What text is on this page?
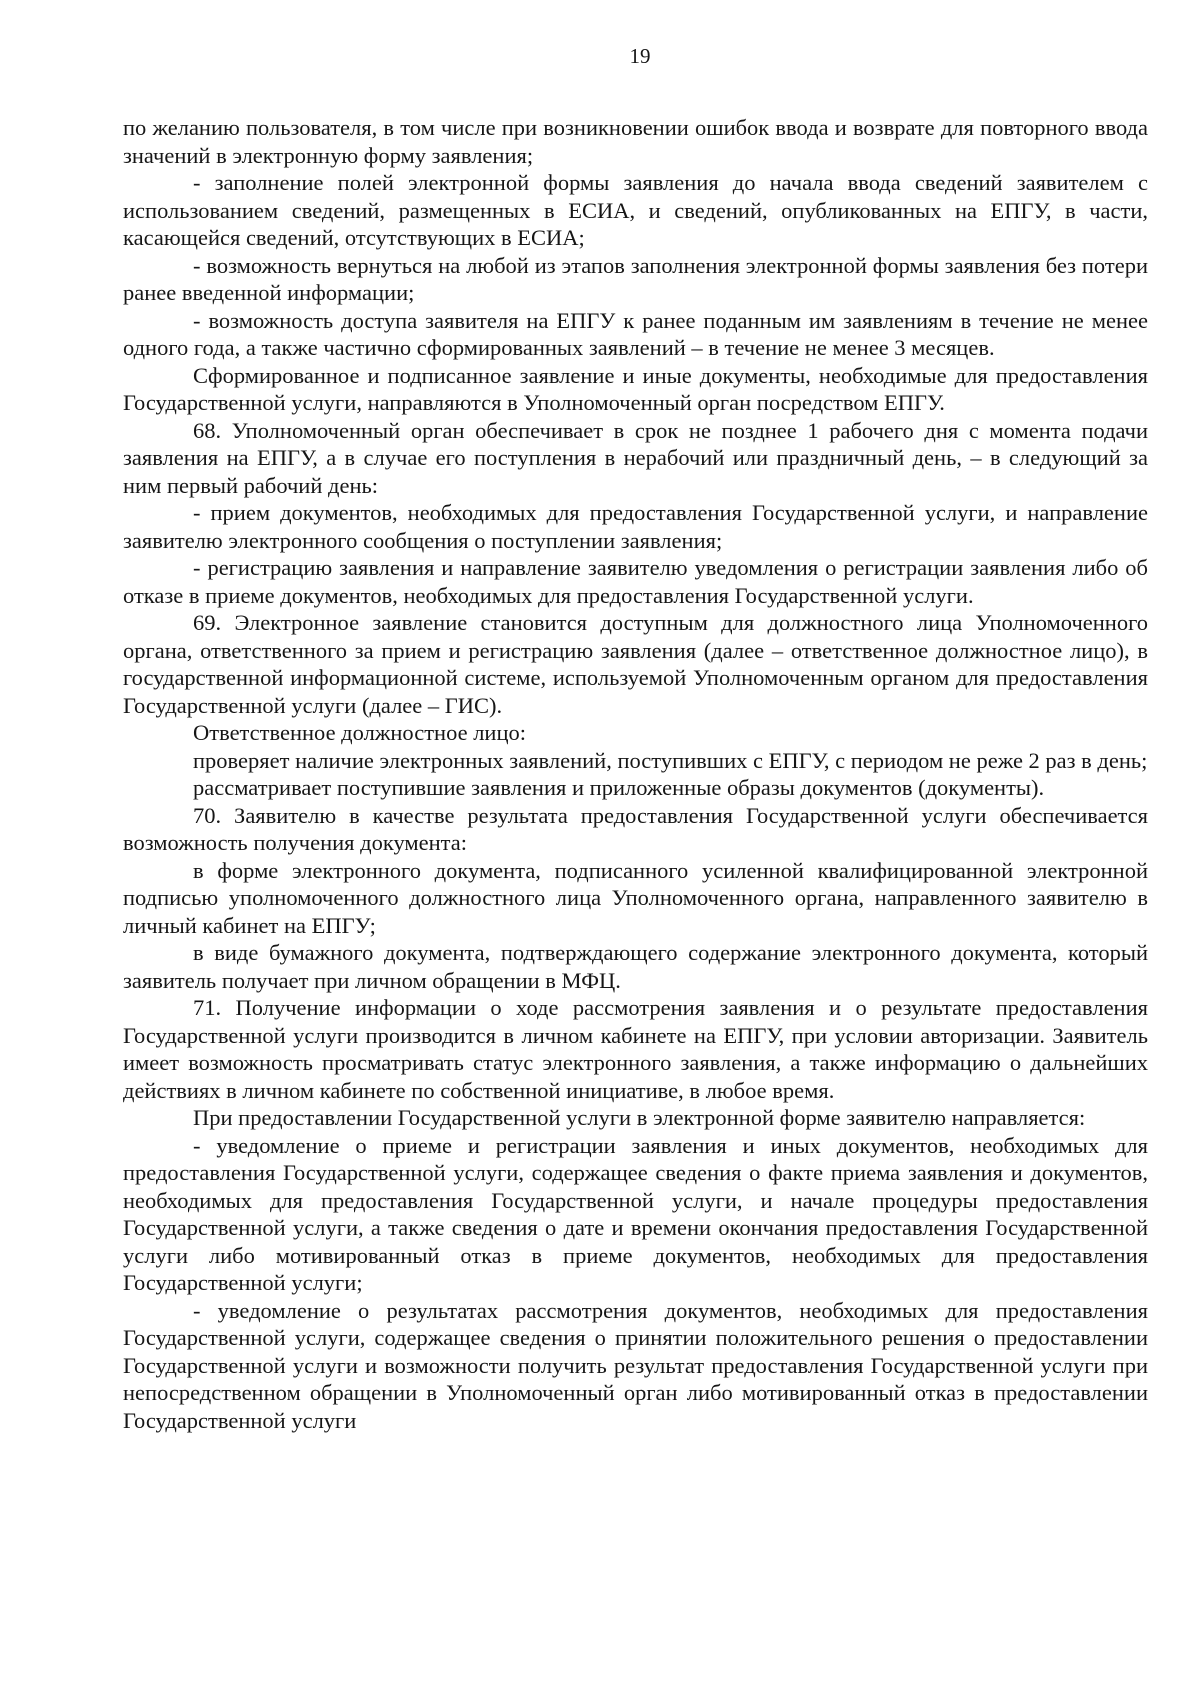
19

по желанию пользователя, в том числе при возникновении ошибок ввода и возврате для повторного ввода значений в электронную форму заявления;

- заполнение полей электронной формы заявления до начала ввода сведений заявителем с использованием сведений, размещенных в ЕСИА, и сведений, опубликованных на ЕПГУ, в части, касающейся сведений, отсутствующих в ЕСИА;

- возможность вернуться на любой из этапов заполнения электронной формы заявления без потери ранее введенной информации;

- возможность доступа заявителя на ЕПГУ к ранее поданным им заявлениям в течение не менее одного года, а также частично сформированных заявлений – в течение не менее 3 месяцев.

Сформированное и подписанное заявление и иные документы, необходимые для предоставления Государственной услуги, направляются в Уполномоченный орган посредством ЕПГУ.

68. Уполномоченный орган обеспечивает в срок не позднее 1 рабочего дня с момента подачи заявления на ЕПГУ, а в случае его поступления в нерабочий или праздничный день, – в следующий за ним первый рабочий день:

- прием документов, необходимых для предоставления Государственной услуги, и направление заявителю электронного сообщения о поступлении заявления;

- регистрацию заявления и направление заявителю уведомления о регистрации заявления либо об отказе в приеме документов, необходимых для предоставления Государственной услуги.

69. Электронное заявление становится доступным для должностного лица Уполномоченного органа, ответственного за прием и регистрацию заявления (далее – ответственное должностное лицо), в государственной информационной системе, используемой Уполномоченным органом для предоставления Государственной услуги (далее – ГИС).

Ответственное должностное лицо:

проверяет наличие электронных заявлений, поступивших с ЕПГУ, с периодом не реже 2 раз в день;

рассматривает поступившие заявления и приложенные образы документов (документы).

70. Заявителю в качестве результата предоставления Государственной услуги обеспечивается возможность получения документа:

в форме электронного документа, подписанного усиленной квалифицированной электронной подписью уполномоченного должностного лица Уполномоченного органа, направленного заявителю в личный кабинет на ЕПГУ;

в виде бумажного документа, подтверждающего содержание электронного документа, который заявитель получает при личном обращении в МФЦ.

71. Получение информации о ходе рассмотрения заявления и о результате предоставления Государственной услуги производится в личном кабинете на ЕПГУ, при условии авторизации. Заявитель имеет возможность просматривать статус электронного заявления, а также информацию о дальнейших действиях в личном кабинете по собственной инициативе, в любое время.

При предоставлении Государственной услуги в электронной форме заявителю направляется:

- уведомление о приеме и регистрации заявления и иных документов, необходимых для предоставления Государственной услуги, содержащее сведения о факте приема заявления и документов, необходимых для предоставления Государственной услуги, и начале процедуры предоставления Государственной услуги, а также сведения о дате и времени окончания предоставления Государственной услуги либо мотивированный отказ в приеме документов, необходимых для предоставления Государственной услуги;

- уведомление о результатах рассмотрения документов, необходимых для предоставления Государственной услуги, содержащее сведения о принятии положительного решения о предоставлении Государственной услуги и возможности получить результат предоставления Государственной услуги при непосредственном обращении в Уполномоченный орган либо мотивированный отказ в предоставлении Государственной услуги
